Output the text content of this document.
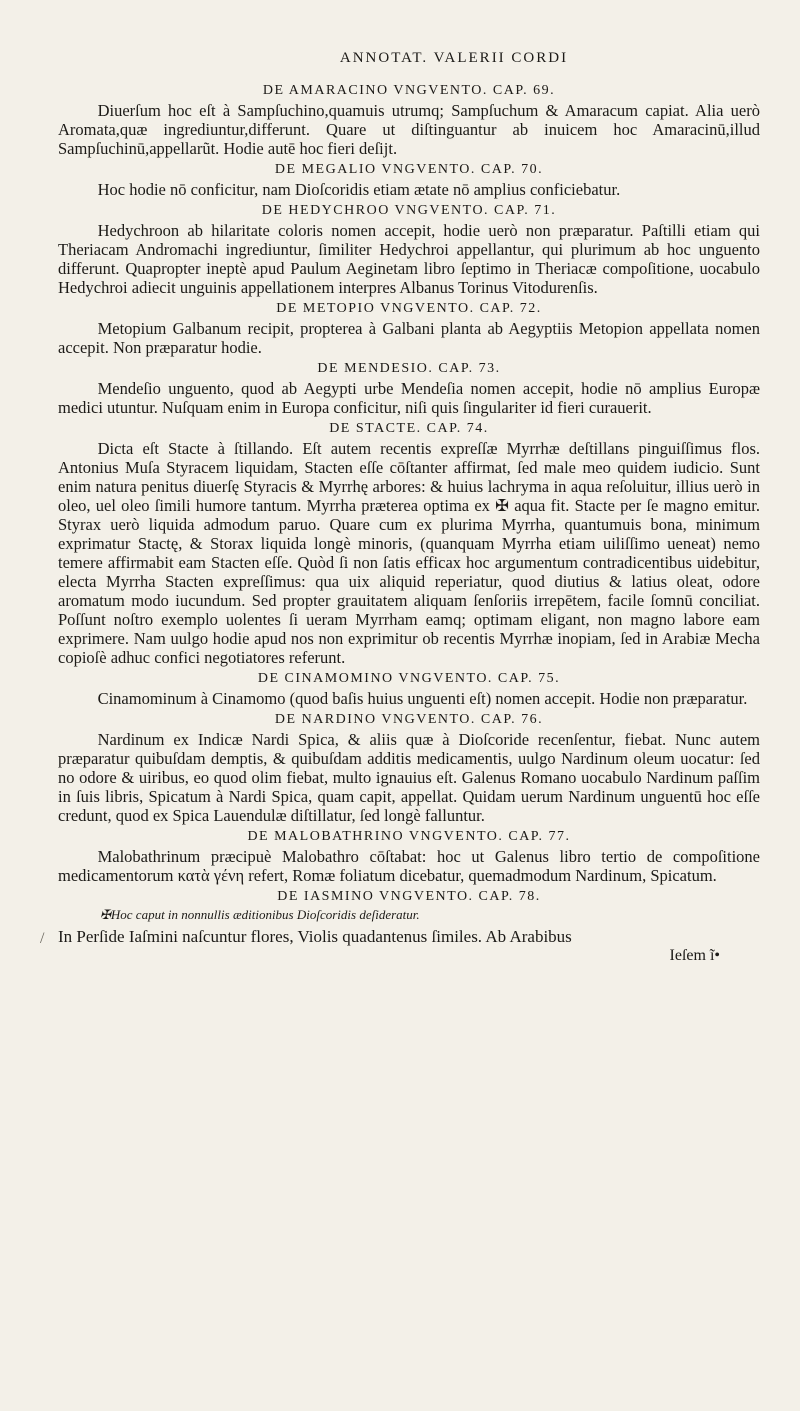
ANNOTAT. VALERII CORDI
DE AMARACINO VNGVENTO. CAP. 69.

Diuerſum hoc eſt à Sampſuchino,quamuis utrumq; Sampſuchum & Amaracum capiat. Alia uerò Aromata,quæ ingrediuntur,differunt. Quare ut diſtinguantur ab inuicem hoc Amaracinū,illud Sampſuchinū,appellarũt. Hodie autē hoc fieri deſijt.

DE MEGALIO VNGVENTO. CAP. 70.

Hoc hodie nō conficitur, nam Dioſcoridis etiam ætate nō amplius conficiebatur.

DE HEDYCHROO VNGVENTO. CAP. 71.

Hedychroon ab hilaritate coloris nomen accepit, hodie uerò non præparatur. Paſtilli etiam qui Theriacam Andromachi ingrediuntur, ſimiliter Hedychroi appellantur, qui plurimum ab hoc unguento differunt. Quapropter ineptè apud Paulum Aeginetam libro ſeptimo in Theriacæ compoſitione, uocabulo Hedychroi adiecit unguinis appellationem interpres Albanus Torinus Vitodurenſis.

DE METOPIO VNGVENTO. CAP. 72.

Metopium Galbanum recipit, propterea à Galbani planta ab Aegyptiis Metopion appellata nomen accepit. Non præparatur hodie.

DE MENDESIO. CAP. 73.

Mendeſio unguento, quod ab Aegypti urbe Mendeſia nomen accepit, hodie nō amplius Europæ medici utuntur. Nuſquam enim in Europa conficitur, niſi quis ſingulariter id fieri curauerit.

DE STACTE. CAP. 74.

Dicta eſt Stacte à ſtillando. Eſt autem recentis expreſſæ Myrrhæ deſtillans pinguiſſimus flos. Antonius Muſa Styracem liquidam, Stacten eſſe cōſtanter affirmat, ſed male meo quidem iudicio. Sunt enim natura penitus diuerſę Styracis & Myrrhę arbores: & huius lachryma in aqua reſoluitur, illius uerò in oleo, uel oleo ſimili humore tantum. Myrrha præterea optima ex ✠ aqua fit. Stacte per ſe magno emitur. Styrax uerò liquida admodum paruo. Quare cum ex plurima Myrrha, quantumuis bona, minimum exprimatur Stactę, & Storax liquida longè minoris, (quanquam Myrrha etiam uiliſſimo ueneat) nemo temere affirmabit eam Stacten eſſe. Quòd ſi non ſatis efficax hoc argumentum contradicentibus uidebitur, electa Myrrha Stacten expreſſimus: qua uix aliquid reperiatur, quod diutius & latius oleat, odore aromatum modo iucundum. Sed propter grauitatem aliquam ſenſoriis irrepētem, facile ſomnū conciliat. Poſſunt noſtro exemplo uolentes ſi ueram Myrrham eamq; optimam eligant, non magno labore eam exprimere. Nam uulgo hodie apud nos non exprimitur ob recentis Myrrhæ inopiam, ſed in Arabiæ Mecha copioſè adhuc confici negotiatores referunt.

DE CINAMOMINO VNGVENTO. CAP. 75.

Cinamominum à Cinamomo (quod baſis huius unguenti eſt) nomen accepit. Hodie non præparatur.

DE NARDINO VNGVENTO. CAP. 76.

Nardinum ex Indicæ Nardi Spica, & aliis quæ à Dioſcoride recenſentur, fiebat. Nunc autem præparatur quibuſdam demptis, & quibuſdam additis medicamentis, uulgo Nardinum oleum uocatur: ſed no odore & uiribus, eo quod olim fiebat, multo ignauius eſt. Galenus Romano uocabulo Nardinum paſſim in ſuis libris, Spicatum à Nardi Spica, quam capit, appellat. Quidam uerum Nardinum unguentū hoc eſſe credunt, quod ex Spica Lauendulæ diſtillatur, ſed longè falluntur.

DE MALOBATHRINO VNGVENTO. CAP. 77.

Malobathrinum præcipuè Malobathro cōſtabat: hoc ut Galenus libro tertio de compoſitione medicamentorum κατὰ γένη refert, Romæ foliatum dicebatur, quemadmodum Nardinum, Spicatum.

DE IASMINO VNGVENTO. CAP. 78.
✠Hoc caput in nonnullis æditionibus Dioſcoridis deſideratur.

In Perſide Iaſmini naſcuntur flores, Violis quadantenus ſimiles. Ab Arabibus

Ieſem ĩ•
/
